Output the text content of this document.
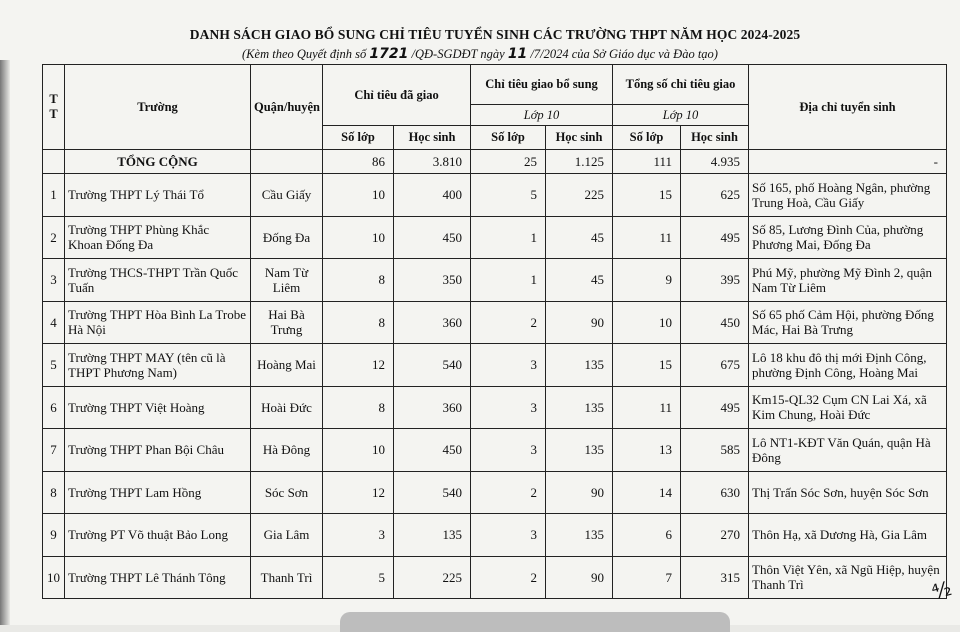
DANH SÁCH GIAO BỔ SUNG CHỈ TIÊU TUYỂN SINH CÁC TRƯỜNG THPT NĂM HỌC 2024-2025
(Kèm theo Quyết định số 1721 /QĐ-SGDĐT ngày 11 /7/2024 của Sở Giáo dục và Đào tạo)
T T	Trường	Quận/huyện	Chỉ tiêu đã giao		Chỉ tiêu giao bổ sung		Tổng số chỉ tiêu giao		Địa chỉ tuyển sinh
					Lớp 10		Lớp 10		
			Số lớp	Học sinh	Số lớp	Học sinh	Số lớp	Học sinh	
	TỔNG CỘNG		86	3.810	25	1.125	111	4.935	-
1	Trường THPT Lý Thái Tổ	Cầu Giấy	10	400	5	225	15	625	Số 165, phố Hoàng Ngân, phường Trung Hoà, Cầu Giấy
2	Trường THPT Phùng Khắc Khoan Đống Đa	Đống Đa	10	450	1	45	11	495	Số 85, Lương Đình Của, phường Phương Mai, Đống Đa
3	Trường THCS-THPT Trần Quốc Tuấn	Nam Từ Liêm	8	350	1	45	9	395	Phú Mỹ, phường Mỹ Đình 2, quận Nam Từ Liêm
4	Trường THPT Hòa Bình La Trobe Hà Nội	Hai Bà Trưng	8	360	2	90	10	450	Số 65 phố Cảm Hội, phường Đống Mác, Hai Bà Trưng
5	Trường THPT MAY (tên cũ là THPT Phương Nam)	Hoàng Mai	12	540	3	135	15	675	Lô 18 khu đô thị mới Định Công, phường Định Công, Hoàng Mai
6	Trường THPT Việt Hoàng	Hoài Đức	8	360	3	135	11	495	Km15-QL32 Cụm CN Lai Xá, xã Kim Chung, Hoài Đức
7	Trường THPT Phan Bội Châu	Hà Đông	10	450	3	135	13	585	Lô NT1-KĐT Văn Quán, quận Hà Đông
8	Trường THPT Lam Hồng	Sóc Sơn	12	540	2	90	14	630	Thị Trấn Sóc Sơn, huyện Sóc Sơn
9	Trường PT Võ thuật Bảo Long	Gia Lâm	3	135	3	135	6	270	Thôn Hạ, xã Dương Hà, Gia Lâm
10	Trường THPT Lê Thánh Tông	Thanh Trì	5	225	2	90	7	315	Thôn Việt Yên, xã Ngũ Hiệp, huyện Thanh Trì	⁴⁄₂
